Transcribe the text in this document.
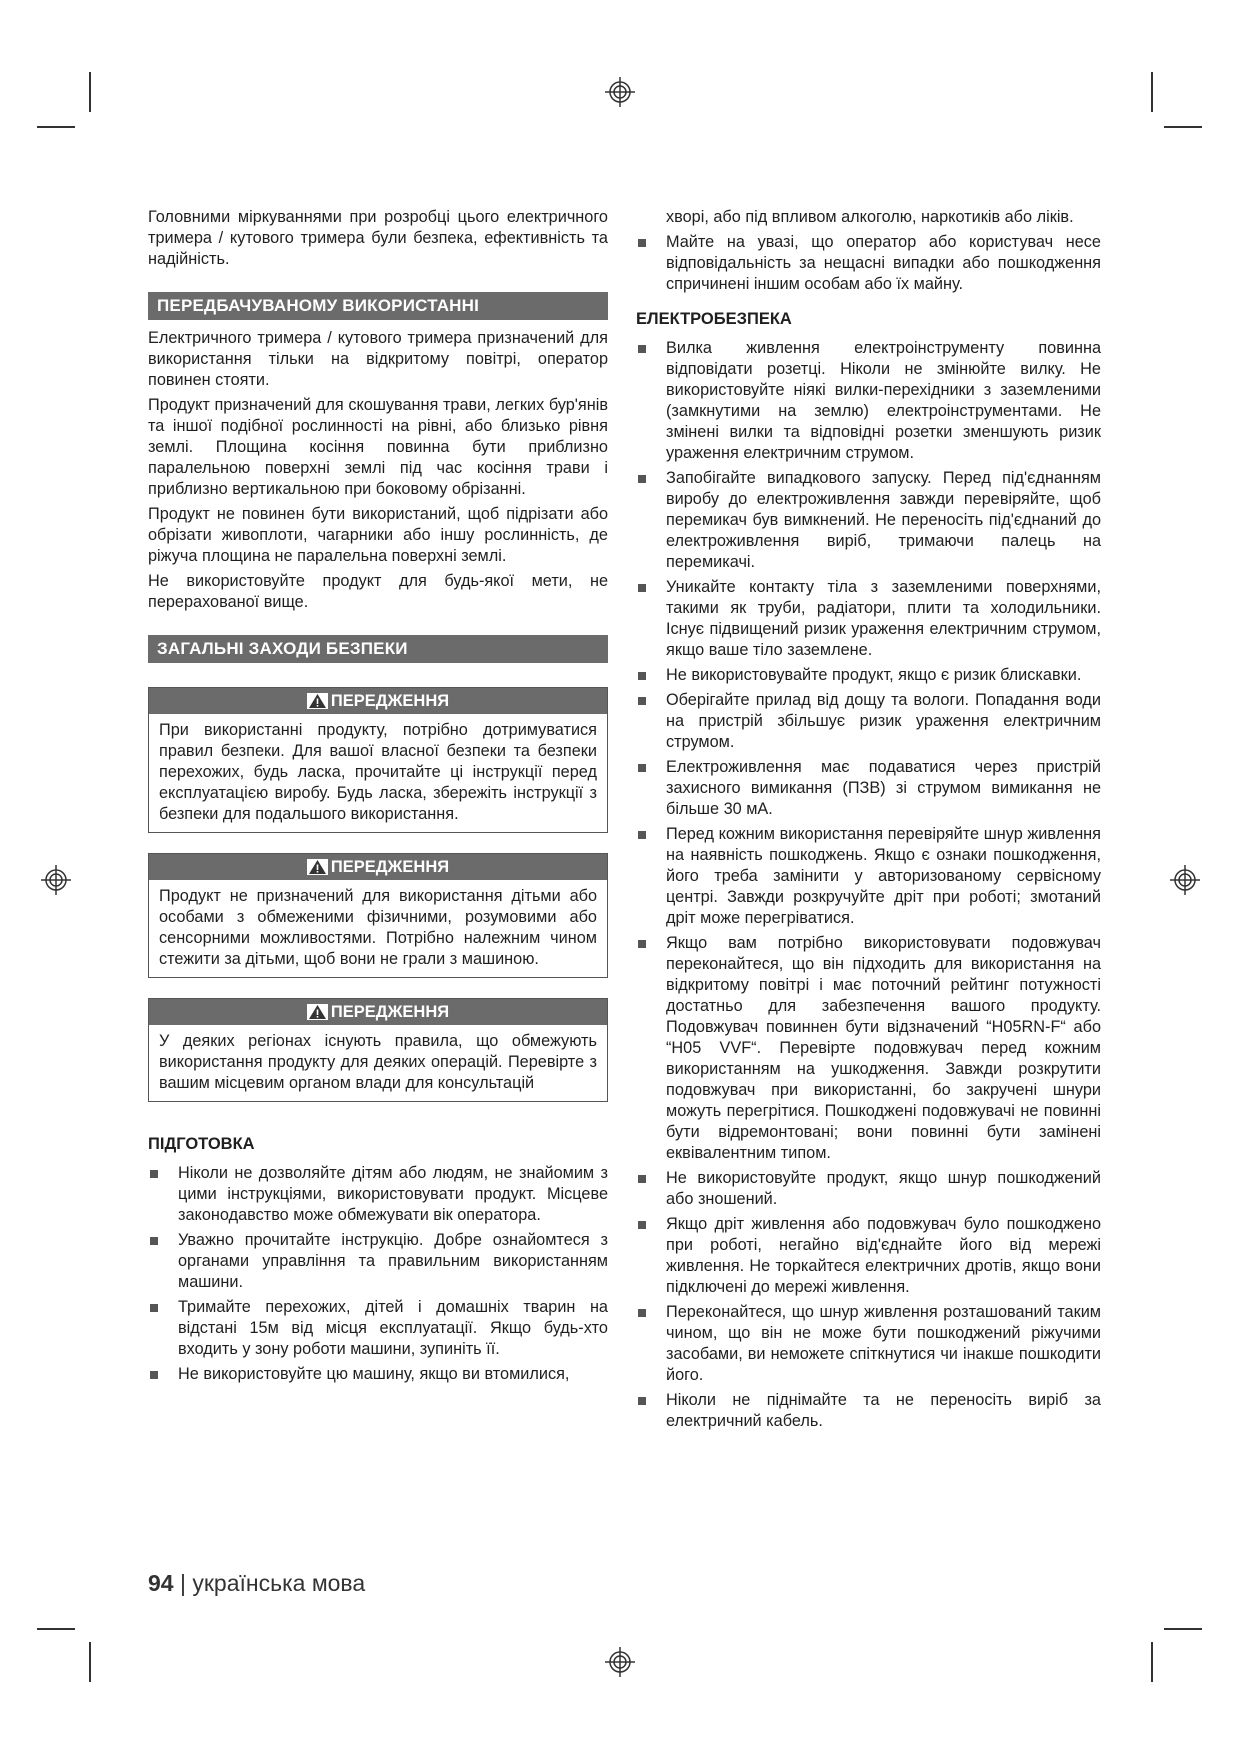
Головними міркуваннями при розробці цього електричного тримера / кутового тримера були безпека, ефективність та надійність.

ПЕРЕДБАЧУВАНОМУ ВИКОРИСТАННІ

Електричного тримера / кутового тримера призначений для використання тільки на відкритому повітрі, оператор повинен стояти.

Продукт призначений для скошування трави, легких бур'янів та іншої подібної рослинності на рівні, або близько рівня землі. Площина косіння повинна бути приблизно паралельною поверхні землі під час косіння трави і приблизно вертикальною при боковому обрізанні.

Продукт не повинен бути використаний, щоб підрізати або обрізати живоплоти, чагарники або іншу рослинність, де ріжуча площина не паралельна поверхні землі.

Не використовуйте продукт для будь-якої мети, не перерахованої вище.

ЗАГАЛЬНІ ЗАХОДИ БЕЗПЕКИ
ПЕРЕДЖЕННЯ

При використанні продукту, потрібно дотримуватися правил безпеки. Для вашої власної безпеки та безпеки перехожих, будь ласка, прочитайте ці інструкції перед експлуатацією виробу. Будь ласка, збережіть інструкції з безпеки для подальшого використання.

ПЕРЕДЖЕННЯ

Продукт не призначений для використання дітьми або особами з обмеженими фізичними, розумовими або сенсорними можливостями. Потрібно належним чином стежити за дітьми, щоб вони не грали з машиною.

ПЕРЕДЖЕННЯ

У деяких регіонах існують правила, що обмежують використання продукту для деяких операцій. Перевірте з вашим місцевим органом влади для консультацій

ПІДГОТОВКА
Ніколи не дозволяйте дітям або людям, не знайомим з цими інструкціями, використовувати продукт. Місцеве законодавство може обмежувати вік оператора.
Уважно прочитайте інструкцію. Добре ознайомтеся з органами управління та правильним використанням машини.
Тримайте перехожих, дітей і домашніх тварин на відстані 15м від місця експлуатації. Якщо будь-хто входить у зону роботи машини, зупиніть її.
Не використовуйте цю машину, якщо ви втомилися,

хворі, або під впливом алкоголю, наркотиків або ліків.

Майте на увазі, що оператор або користувач несе відповідальність за нещасні випадки або пошкодження спричинені іншим особам або їх майну.
ЕЛЕКТРОБЕЗПЕКА
Вилка живлення електроінструменту повинна відповідати розетці. Ніколи не змінюйте вилку. Не використовуйте ніякі вилки-перехідники з заземленими (замкнутими на землю) електроінструментами. Не змінені вилки та відповідні розетки зменшують ризик ураження електричним струмом.
Запобігайте випадкового запуску. Перед під'єднанням виробу до електроживлення завжди перевіряйте, щоб перемикач був вимкнений. Не переносіть під'єднаний до електроживлення виріб, тримаючи палець на перемикачі.
Уникайте контакту тіла з заземленими поверхнями, такими як труби, радіатори, плити та холодильники. Існує підвищений ризик ураження електричним струмом, якщо ваше тіло заземлене.
Не використовувайте продукт, якщо є ризик блискавки.
Оберігайте прилад від дощу та вологи. Попадання води на пристрій збільшує ризик ураження електричним струмом.
Електроживлення має подаватися через пристрій захисного вимикання (ПЗВ) зі струмом вимикання не більше 30 мА.
Перед кожним використання перевіряйте шнур живлення на наявність пошкоджень. Якщо є ознаки пошкодження, його треба замінити у авторизованому сервісному центрі. Завжди розкручуйте дріт при роботі; змотаний дріт може перегріватися.
Якщо вам потрібно використовувати подовжувач переконайтеся, що він підходить для використання на відкритому повітрі і має поточний рейтинг потужності достатньо для забезпечення вашого продукту. Подовжувач повиннен бути відзначений “H05RN-F“ або “H05 VVF“. Перевірте подовжувач перед кожним використанням на ушкодження. Завжди розкрутити подовжувач при використанні, бо закручені шнури можуть перегрітися. Пошкоджені подовжувачі не повинні бути відремонтовані; вони повинні бути замінені еквівалентним типом.
Не використовуйте продукт, якщо шнур пошкоджений або зношений.
Якщо дріт живлення або подовжувач було пошкоджено при роботі, негайно від'єднайте його від мережі живлення. Не торкайтеся електричних дротів, якщо вони підключені до мережі живлення.
Переконайтеся, що шнур живлення розташований таким чином, що він не може бути пошкоджений ріжучими засобами, ви неможете спіткнутися чи інакше пошкодити його.
Ніколи не піднімайте та не переносіть виріб за електричний кабель.
94 | українська мова
